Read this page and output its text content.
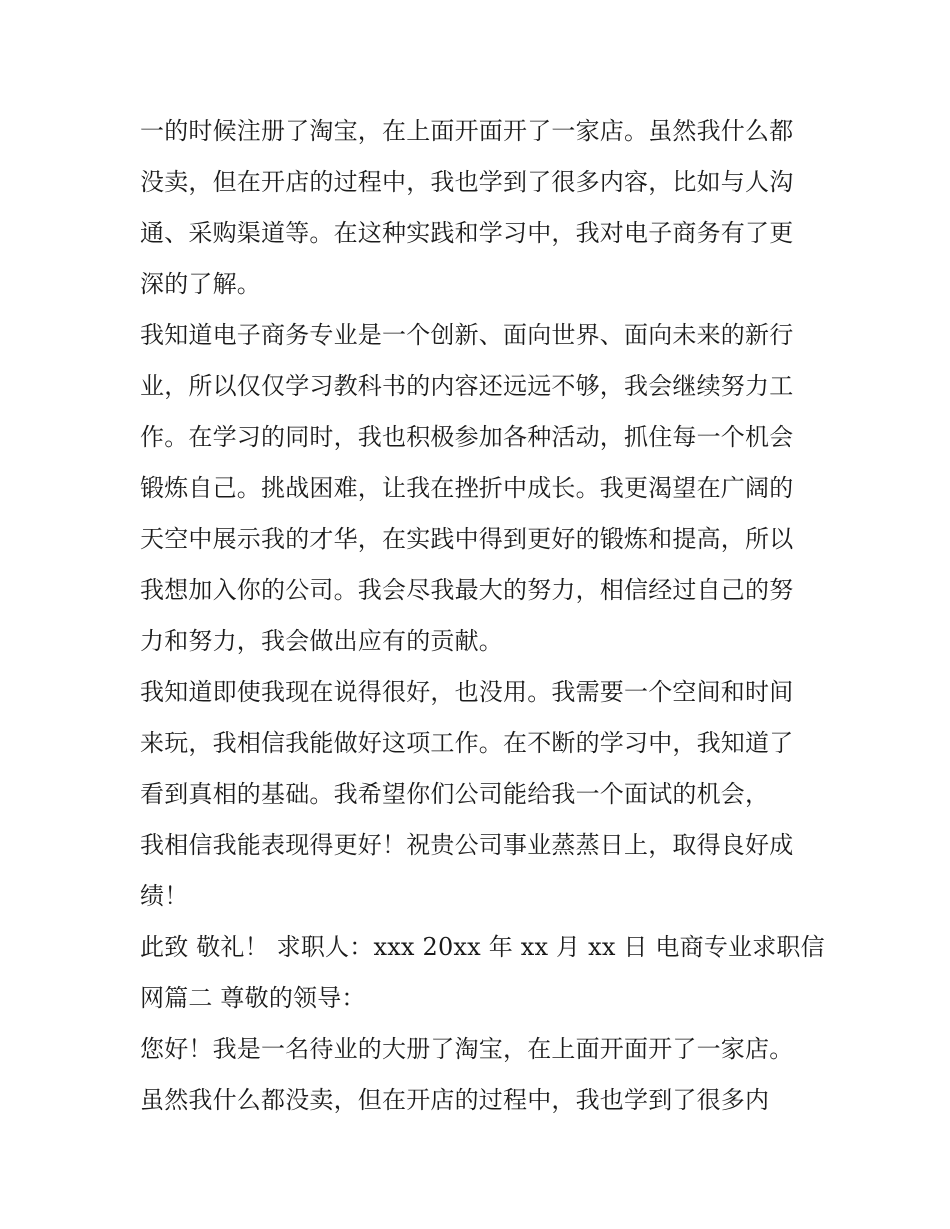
一的时候注册了淘宝，在上面开面开了一家店。虽然我什么都
没卖，但在开店的过程中，我也学到了很多内容，比如与人沟
通、采购渠道等。在这种实践和学习中，我对电子商务有了更
深的了解。
我知道电子商务专业是一个创新、面向世界、面向未来的新行
业，所以仅仅学习教科书的内容还远远不够，我会继续努力工
作。在学习的同时，我也积极参加各种活动，抓住每一个机会
锻炼自己。挑战困难，让我在挫折中成长。我更渴望在广阔的
天空中展示我的才华，在实践中得到更好的锻炼和提高，所以
我想加入你的公司。我会尽我最大的努力，相信经过自己的努
力和努力，我会做出应有的贡献。
我知道即使我现在说得很好，也没用。我需要一个空间和时间
来玩，我相信我能做好这项工作。在不断的学习中，我知道了
看到真相的基础。我希望你们公司能给我一个面试的机会，
我相信我能表现得更好！祝贵公司事业蒸蒸日上，取得良好成
绩！
此致 敬礼！ 求职人：xxx 20xx 年 xx 月 xx 日 电商专业求职信
网篇二 尊敬的领导：
您好！我是一名待业的大册了淘宝，在上面开面开了一家店。
虽然我什么都没卖，但在开店的过程中，我也学到了很多内
